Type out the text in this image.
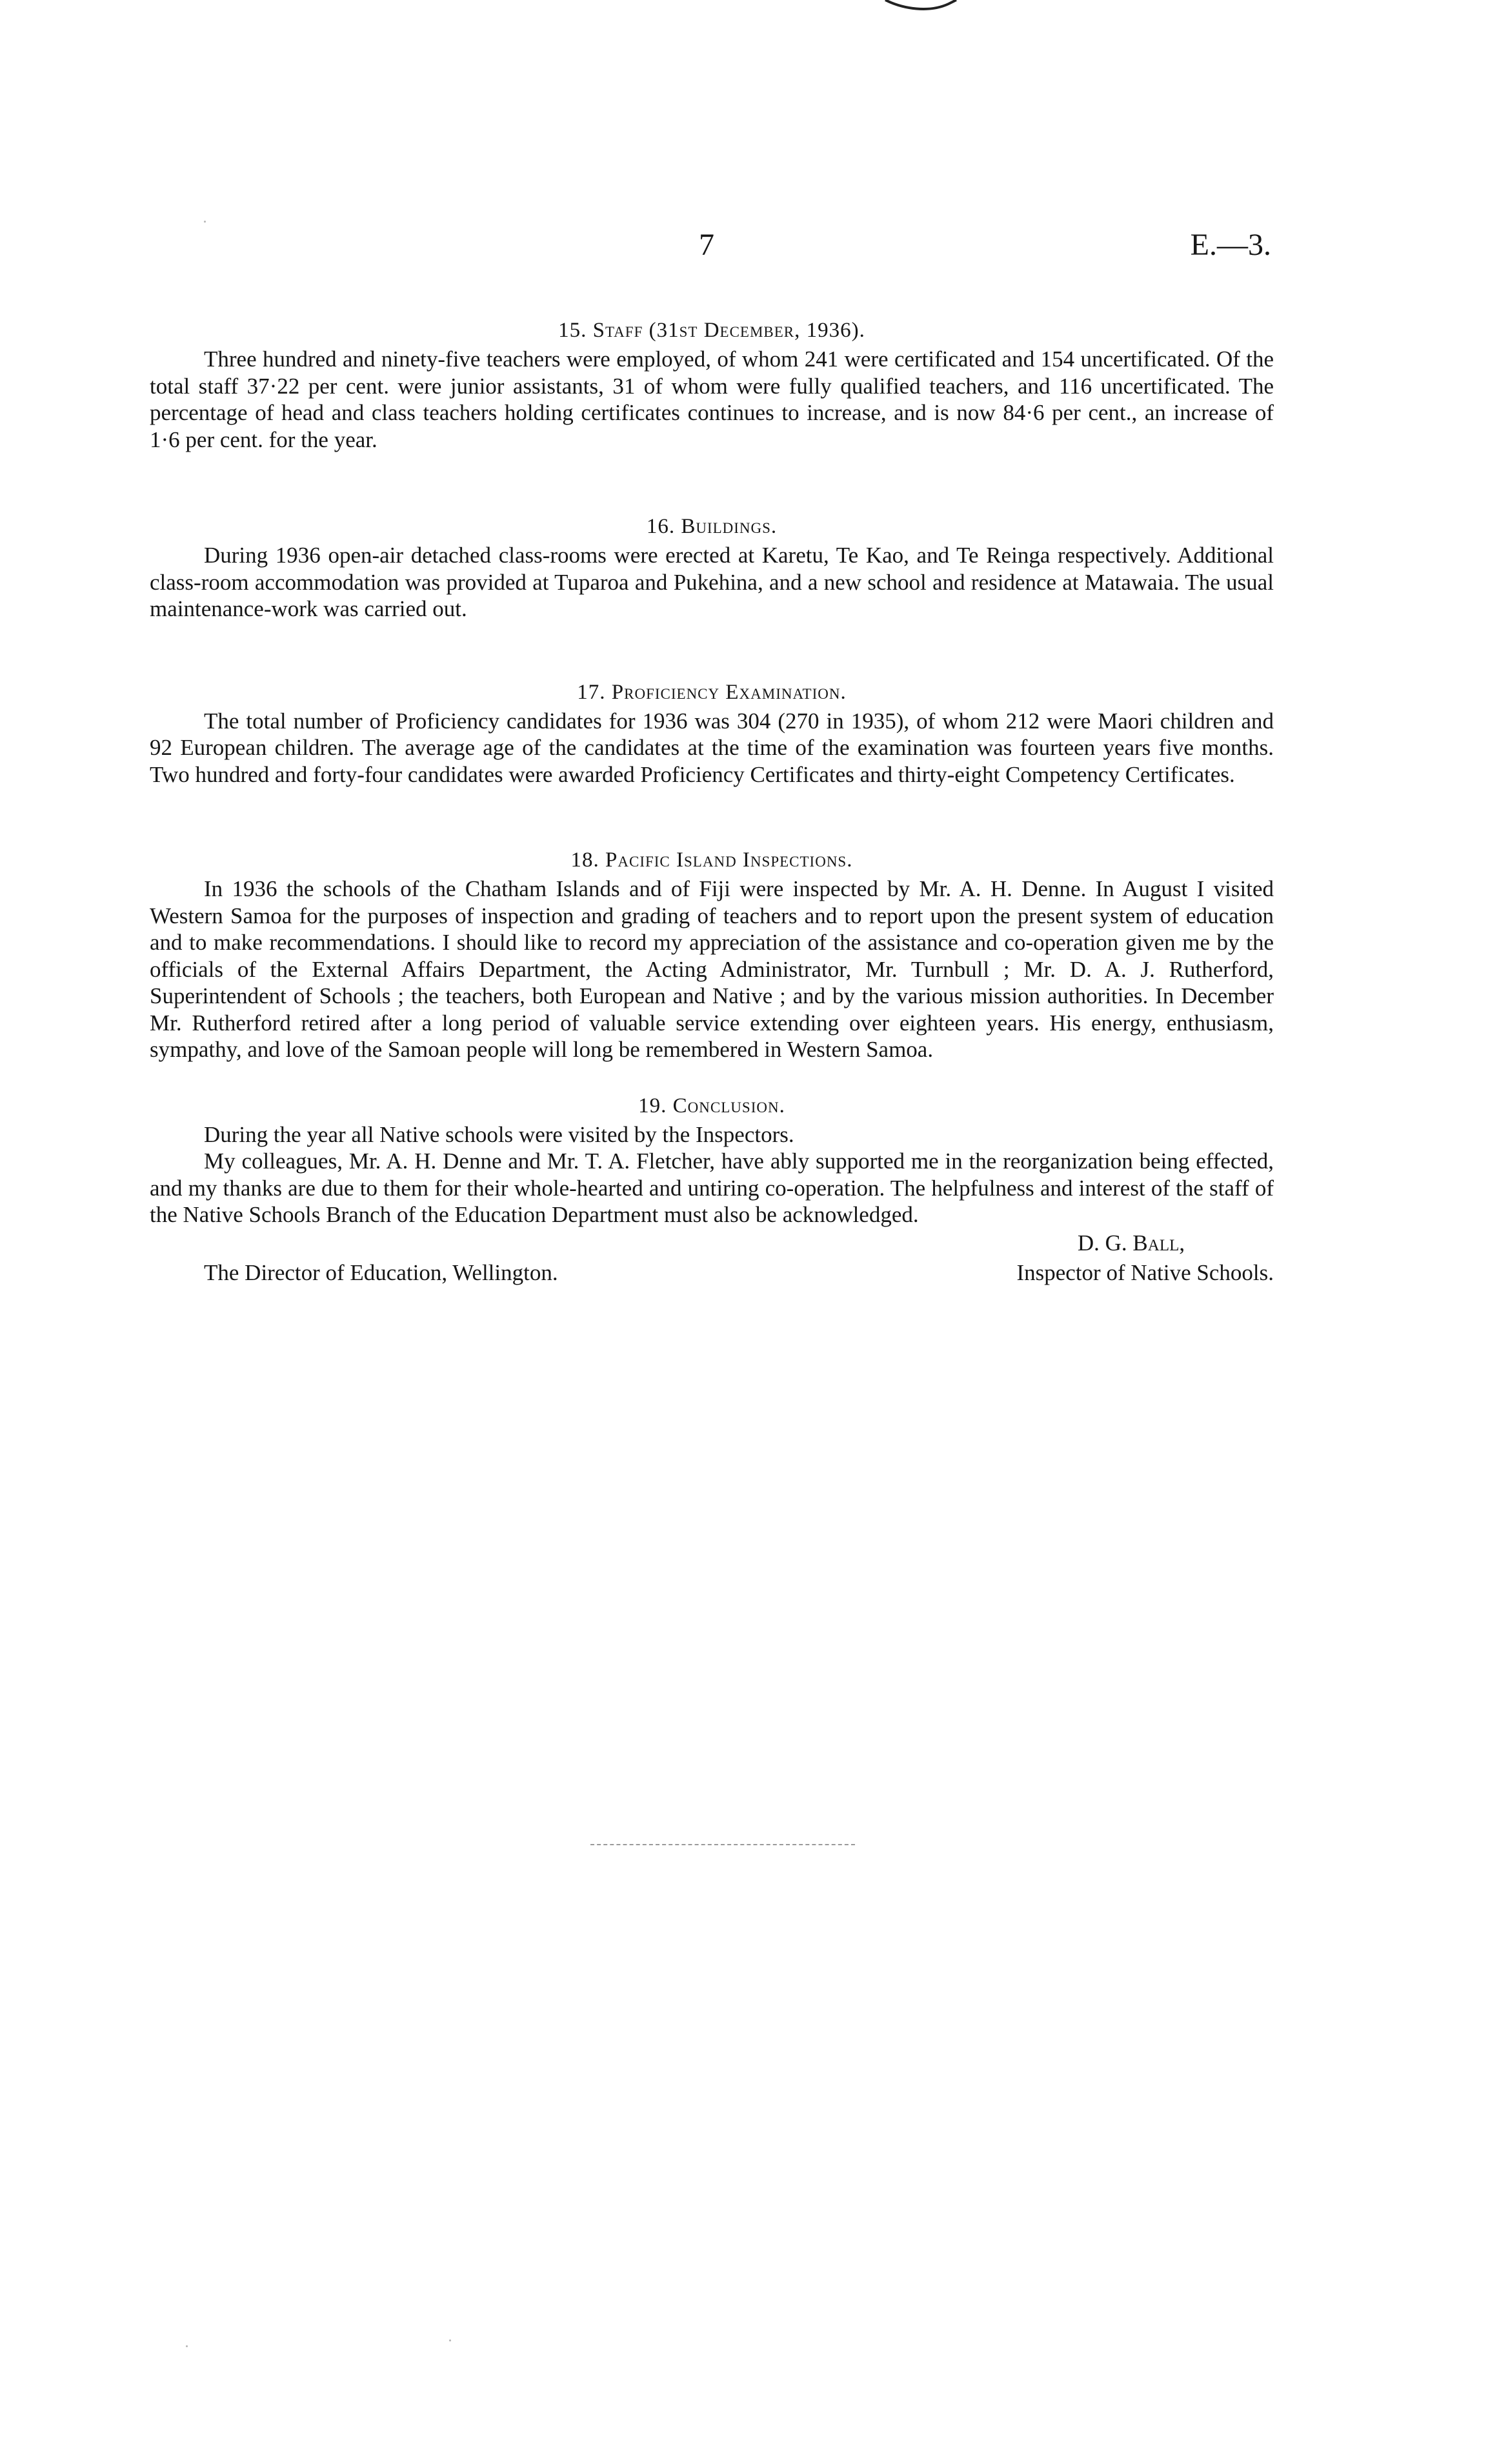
7	E.—3.
15. Staff (31st December, 1936).

Three hundred and ninety-five teachers were employed, of whom 241 were certificated and 154 uncertificated. Of the total staff 37·22 per cent. were junior assistants, 31 of whom were fully qualified teachers, and 116 uncertificated. The percentage of head and class teachers holding certificates continues to increase, and is now 84·6 per cent., an increase of 1·6 per cent. for the year.

16. Buildings.

During 1936 open-air detached class-rooms were erected at Karetu, Te Kao, and Te Reinga respectively. Additional class-room accommodation was provided at Tuparoa and Pukehina, and a new school and residence at Matawaia. The usual maintenance-work was carried out.

17. Proficiency Examination.

The total number of Proficiency candidates for 1936 was 304 (270 in 1935), of whom 212 were Maori children and 92 European children. The average age of the candidates at the time of the examination was fourteen years five months. Two hundred and forty-four candidates were awarded Proficiency Certificates and thirty-eight Competency Certificates.

18. Pacific Island Inspections.

In 1936 the schools of the Chatham Islands and of Fiji were inspected by Mr. A. H. Denne. In August I visited Western Samoa for the purposes of inspection and grading of teachers and to report upon the present system of education and to make recommendations. I should like to record my appreciation of the assistance and co-operation given me by the officials of the External Affairs Department, the Acting Administrator, Mr. Turnbull ; Mr. D. A. J. Rutherford, Superintendent of Schools ; the teachers, both European and Native ; and by the various mission authorities. In December Mr. Rutherford retired after a long period of valuable service extending over eighteen years. His energy, enthusiasm, sympathy, and love of the Samoan people will long be remembered in Western Samoa.

19. Conclusion.

During the year all Native schools were visited by the Inspectors.

My colleagues, Mr. A. H. Denne and Mr. T. A. Fletcher, have ably supported me in the reorganization being effected, and my thanks are due to them for their whole-hearted and untiring co-operation. The helpfulness and interest of the staff of the Native Schools Branch of the Education Department must also be acknowledged.

D. G. Ball,
The Director of Education, Wellington.	Inspector of Native Schools.
